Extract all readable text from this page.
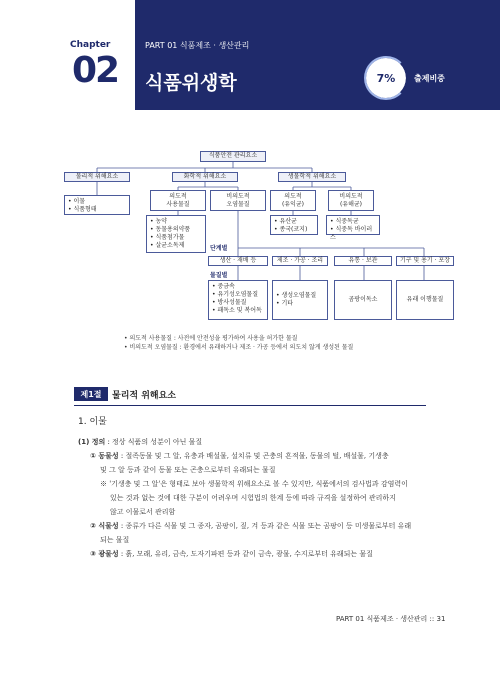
Chapter
02
PART 01 식품제조 · 생산관리
식품위생학	7% 출제비중
식품안전 관리요소
물리적 위해요소	화학적 위해요소	생물학적 위해요소
• 이물
• 식품형태
의도적
사용물질
비의도적
오염물질
의도적
(유익균)
비의도적
(유해균)
• 농약
• 동물용의약품
• 식품첨가물
• 살균소독제
• 유산균
• 종국(코지)
• 식중독균
• 식중독 바이러스
단계별
물질별
생산 · 재배 등	제조 · 가공 · 조리	유통 · 보관	기구 및 용기 · 포장
• 중금속
• 유기성오염물질
• 방사성물질
• 패독소 및 복어독
• 생성오염물질
• 기타
곰팡이독소	유래 이행물질
• 의도적 사용물질 : 사전에 안전성을 평가하여 사용을 허가한 물질
• 비의도적 오염물질 : 환경에서 유래하거나 제조 · 가공 등에서 의도치 않게 생성된 물질
제1절	물리적 위해요소
1. 이물
(1) 정의 : 정상 식품의 성분이 아닌 물질
① 동물성 : 절족동물 및 그 알, 유충과 배설물, 설치류 및 곤충의 흔적물, 동물의 털, 배설물, 기생충
및 그 알 등과 같이 동물 또는 곤충으로부터 유래되는 물질
※ '기생충 및 그 알'은 형태로 보아 생물학적 위해요소로 볼 수 있지만, 식품에서의 검사법과 감염력이
있는 것과 없는 것에 대한 구분이 어려우며 시험법의 한계 등에 따라 규격을 설정하여 관리하지
않고 이물로서 관리함
② 식물성 : 종류가 다른 식물 및 그 종자, 곰팡이, 짚, 겨 등과 같은 식물 또는 곰팡이 등 미생물로부터 유래
되는 물질
③ 광물성 : 흙, 모래, 유리, 금속, 도자기파편 등과 같이 금속, 광물, 수지로부터 유래되는 물질
PART 01 식품제조 · 생산관리 :: 31
